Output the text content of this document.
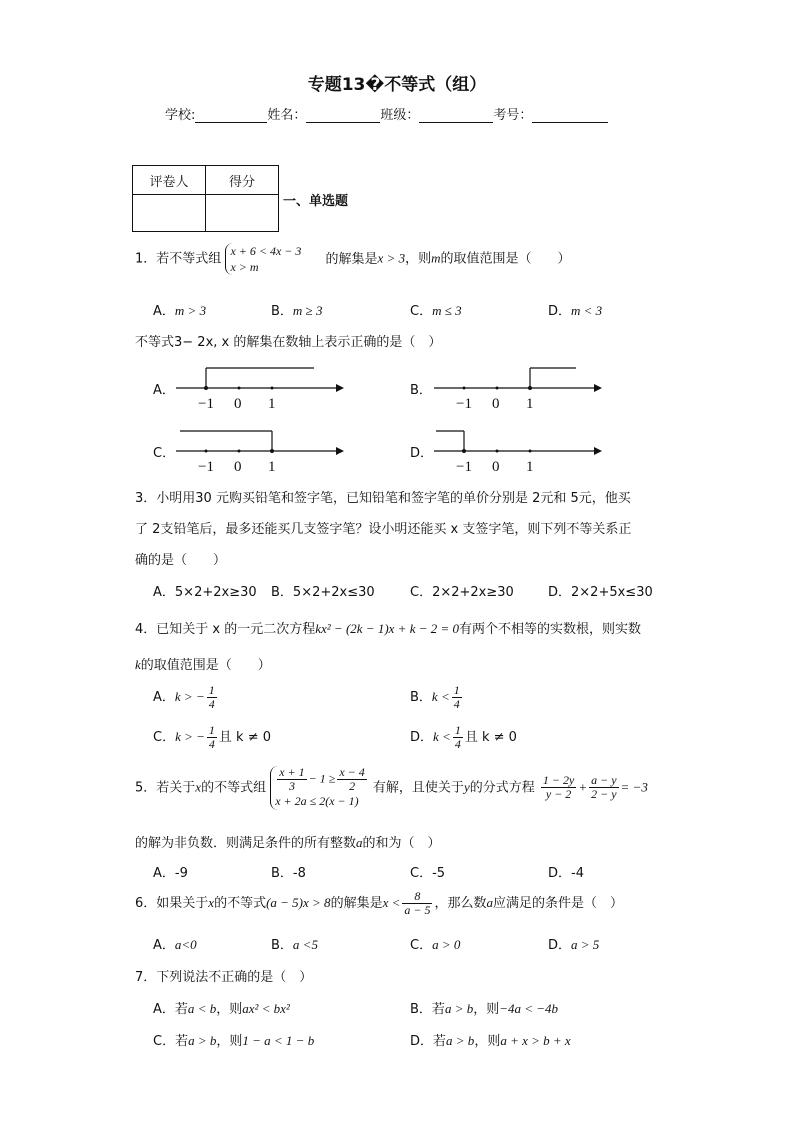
专题13�不等式（组）
学校:	姓名：	班级：	考号：
评卷人	得分

一、单选题
1．若不等式组
x + 6 < 4x − 3
x > m
的解集是x > 3，则m的取值范围是（　　）
A．m > 3	B．m ≥ 3	C．m ≤ 3	D．m < 3
不等式3− 2x, x 的解集在数轴上表示正确的是（　）
A．
−1 0 1
B．
−1 0 1
C．
−1 0 1
D．
−1 0 1
3．小明用30 元购买铅笔和签字笔，已知铅笔和签字笔的单价分别是 2元和 5元，他买
了 2支铅笔后，最多还能买几支签字笔？设小明还能买 x 支签字笔，则下列不等关系正
确的是（　　）
A．5×2+2x≥30 B．5×2+2x≤30	C．2×2+2x≥30	D．2×2+5x≤30
4．已知关于 x 的一元二次方程kx² − (2k − 1)x + k − 2 = 0有两个不相等的实数根，则实数
k的取值范围是（　　）
A．k > − $\frac{1}{4}$	B．$k < \frac{1}{4}$
C．k > − $\frac{1}{4}$ 且 k ≠ 0	D．$k < \frac{1}{4}$ 且 k ≠ 0
5．若关于x的不等式组 $\frac{x + 1}{3} - 1 \ge \frac{x - 4}{2}$
x + 2a ≤ 2(x − 1)
有解，且使关于y的分式方程 $\frac{1 - 2y}{y - 2} + \frac{a - y}{2 - y} = -3$
的解为非负数．则满足条件的所有整数a的和为（　）
A．-9	B．-8	C．-5	D．-4
6．如果关于x的不等式(a − 5)x > 8的解集是$x < \frac{8}{a - 5}$ ，那么数a应满足的条件是（　）
A．a<0	B．a <5	C．a > 0	D．a > 5
7．下列说法不正确的是（　）
A．若a < b，则ax² < bx²	B．若a > b，则−4a < −4b
C．若a > b，则1 − a < 1 − b	D．若a > b，则a + x > b + x
